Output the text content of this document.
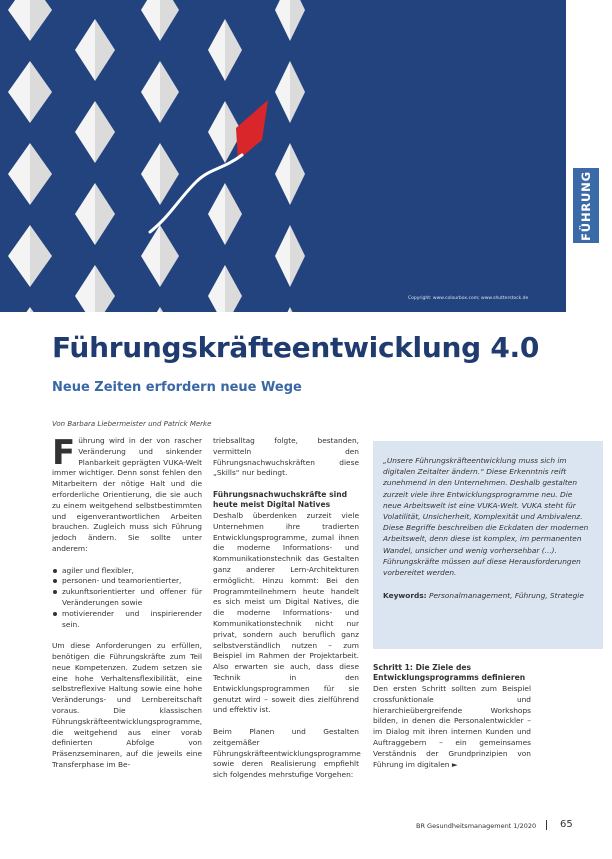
Copyright: www.colourbox.com; www.shutterstock.de
FÜHRUNG
Führungskräfteentwicklung 4.0
Neue Zeiten erfordern neue Wege
Von Barbara Liebermeister und Patrick Merke

Führung wird in der von rascher Veränderung und sinkender Planbarkeit geprägten VUKA-Welt immer wichtiger. Denn sonst fehlen den Mitarbeitern der nötige Halt und die erforderliche Orientierung, die sie auch zu einem weitgehend selbstbestimmten und eigenverantwortlichen Arbeiten brauchen. Zugleich muss sich Führung jedoch ändern. Sie sollte unter anderem:

agiler und flexibler,
personen- und teamorientierter,
zukunftsorientierter und offener für Veränderungen sowie
motivierender und inspirierender sein.

Um diese Anforderungen zu erfüllen, benötigen die Führungskräfte zum Teil neue Kompetenzen. Zudem setzen sie eine hohe Verhaltensflexibilität, eine selbstreflexive Haltung sowie eine hohe Veränderungs- und Lernbereitschaft voraus. Die klassischen Führungskräfteentwicklungsprogramme, die weitgehend aus einer vorab definierten Abfolge von Präsenzseminaren, auf die jeweils eine Transferphase im Be-

triebsalltag folgte, bestanden, vermitteln den Führungsnachwuchskräften diese „Skills“ nur bedingt.

Führungsnachwuchskräfte sind heute meist Digital Natives

Deshalb überdenken zurzeit viele Unternehmen ihre tradierten Entwicklungsprogramme, zumal ihnen die moderne Informations- und Kommunikationstechnik das Gestalten ganz anderer Lern-Architekturen ermöglicht. Hinzu kommt: Bei den Programmteilnehmern heute handelt es sich meist um Digital Natives, die die moderne Informations- und Kommunikationstechnik nicht nur privat, sondern auch beruflich ganz selbstverständlich nutzen – zum Beispiel im Rahmen der Projektarbeit. Also erwarten sie auch, dass diese Technik in den Entwicklungsprogrammen für sie genutzt wird – soweit dies zielführend und effektiv ist.

Beim Planen und Gestalten zeitgemäßer Führungskräfteentwicklungsprogramme sowie deren Realisierung empfiehlt sich folgendes mehrstufige Vorgehen:

„Unsere Führungskräfteentwicklung muss sich im digitalen Zeitalter ändern.“ Diese Erkenntnis reift zunehmend in den Unternehmen. Deshalb gestalten zurzeit viele ihre Entwicklungsprogramme neu. Die neue Arbeitswelt ist eine VUKA-Welt. VUKA steht für Volatilität, Unsicherheit, Komplexität und Ambivalenz. Diese Begriffe beschreiben die Eckdaten der modernen Arbeitswelt, denn diese ist komplex, im permanenten Wandel, unsicher und wenig vorhersehbar (...). Führungskräfte müssen auf diese Herausforderungen vorbereitet werden.

Keywords: Personalmanagement, Führung, Strategie

Schritt 1: Die Ziele des Entwicklungsprogramms definieren

Den ersten Schritt sollten zum Beispiel crossfunktionale und hierarchieübergreifende Workshops bilden, in denen die Personalentwickler – im Dialog mit ihren internen Kunden und Auftraggebern – ein gemeinsames Verständnis der Grundprinzipien von Führung im digitalen ►

BR Gesundheitsmanagement 1/2020 65
